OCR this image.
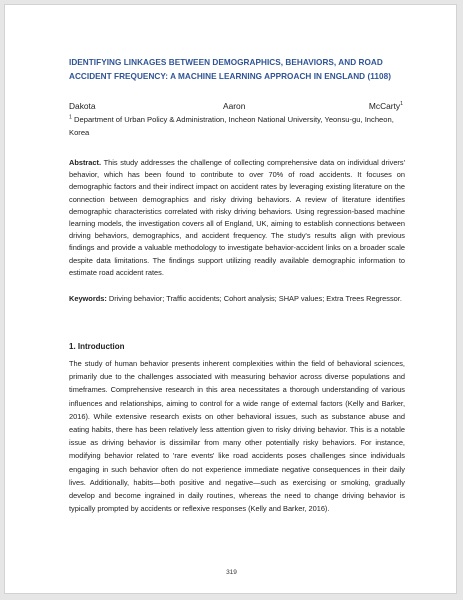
IDENTIFYING LINKAGES BETWEEN DEMOGRAPHICS, BEHAVIORS, AND ROAD ACCIDENT FREQUENCY: A MACHINE LEARNING APPROACH IN ENGLAND (1108)
Dakota	Aaron	McCarty$^1$
$^1$ Department of Urban Policy & Administration, Incheon National University, Yeonsu-gu, Incheon, Korea

Abstract. This study addresses the challenge of collecting comprehensive data on individual drivers' behavior, which has been found to contribute to over 70% of road accidents. It focuses on demographic factors and their indirect impact on accident rates by leveraging existing literature on the connection between demographics and risky driving behaviors. A review of literature identifies demographic characteristics correlated with risky driving behaviors. Using regression-based machine learning models, the investigation covers all of England, UK, aiming to establish connections between driving behaviors, demographics, and accident frequency. The study's results align with previous findings and provide a valuable methodology to investigate behavior-accident links on a broader scale despite data limitations. The findings support utilizing readily available demographic information to estimate road accident rates.

Keywords: Driving behavior; Traffic accidents; Cohort analysis; SHAP values; Extra Trees Regressor.

1. Introduction

The study of human behavior presents inherent complexities within the field of behavioral sciences, primarily due to the challenges associated with measuring behavior across diverse populations and timeframes. Comprehensive research in this area necessitates a thorough understanding of various influences and relationships, aiming to control for a wide range of external factors (Kelly and Barker, 2016). While extensive research exists on other behavioral issues, such as substance abuse and eating habits, there has been relatively less attention given to risky driving behavior. This is a notable issue as driving behavior is dissimilar from many other potentially risky behaviors. For instance, modifying behavior related to 'rare events' like road accidents poses challenges since individuals engaging in such behavior often do not experience immediate negative consequences in their daily lives. Additionally, habits—both positive and negative—such as exercising or smoking, gradually develop and become ingrained in daily routines, whereas the need to change driving behavior is typically prompted by accidents or reflexive responses (Kelly and Barker, 2016).

319
